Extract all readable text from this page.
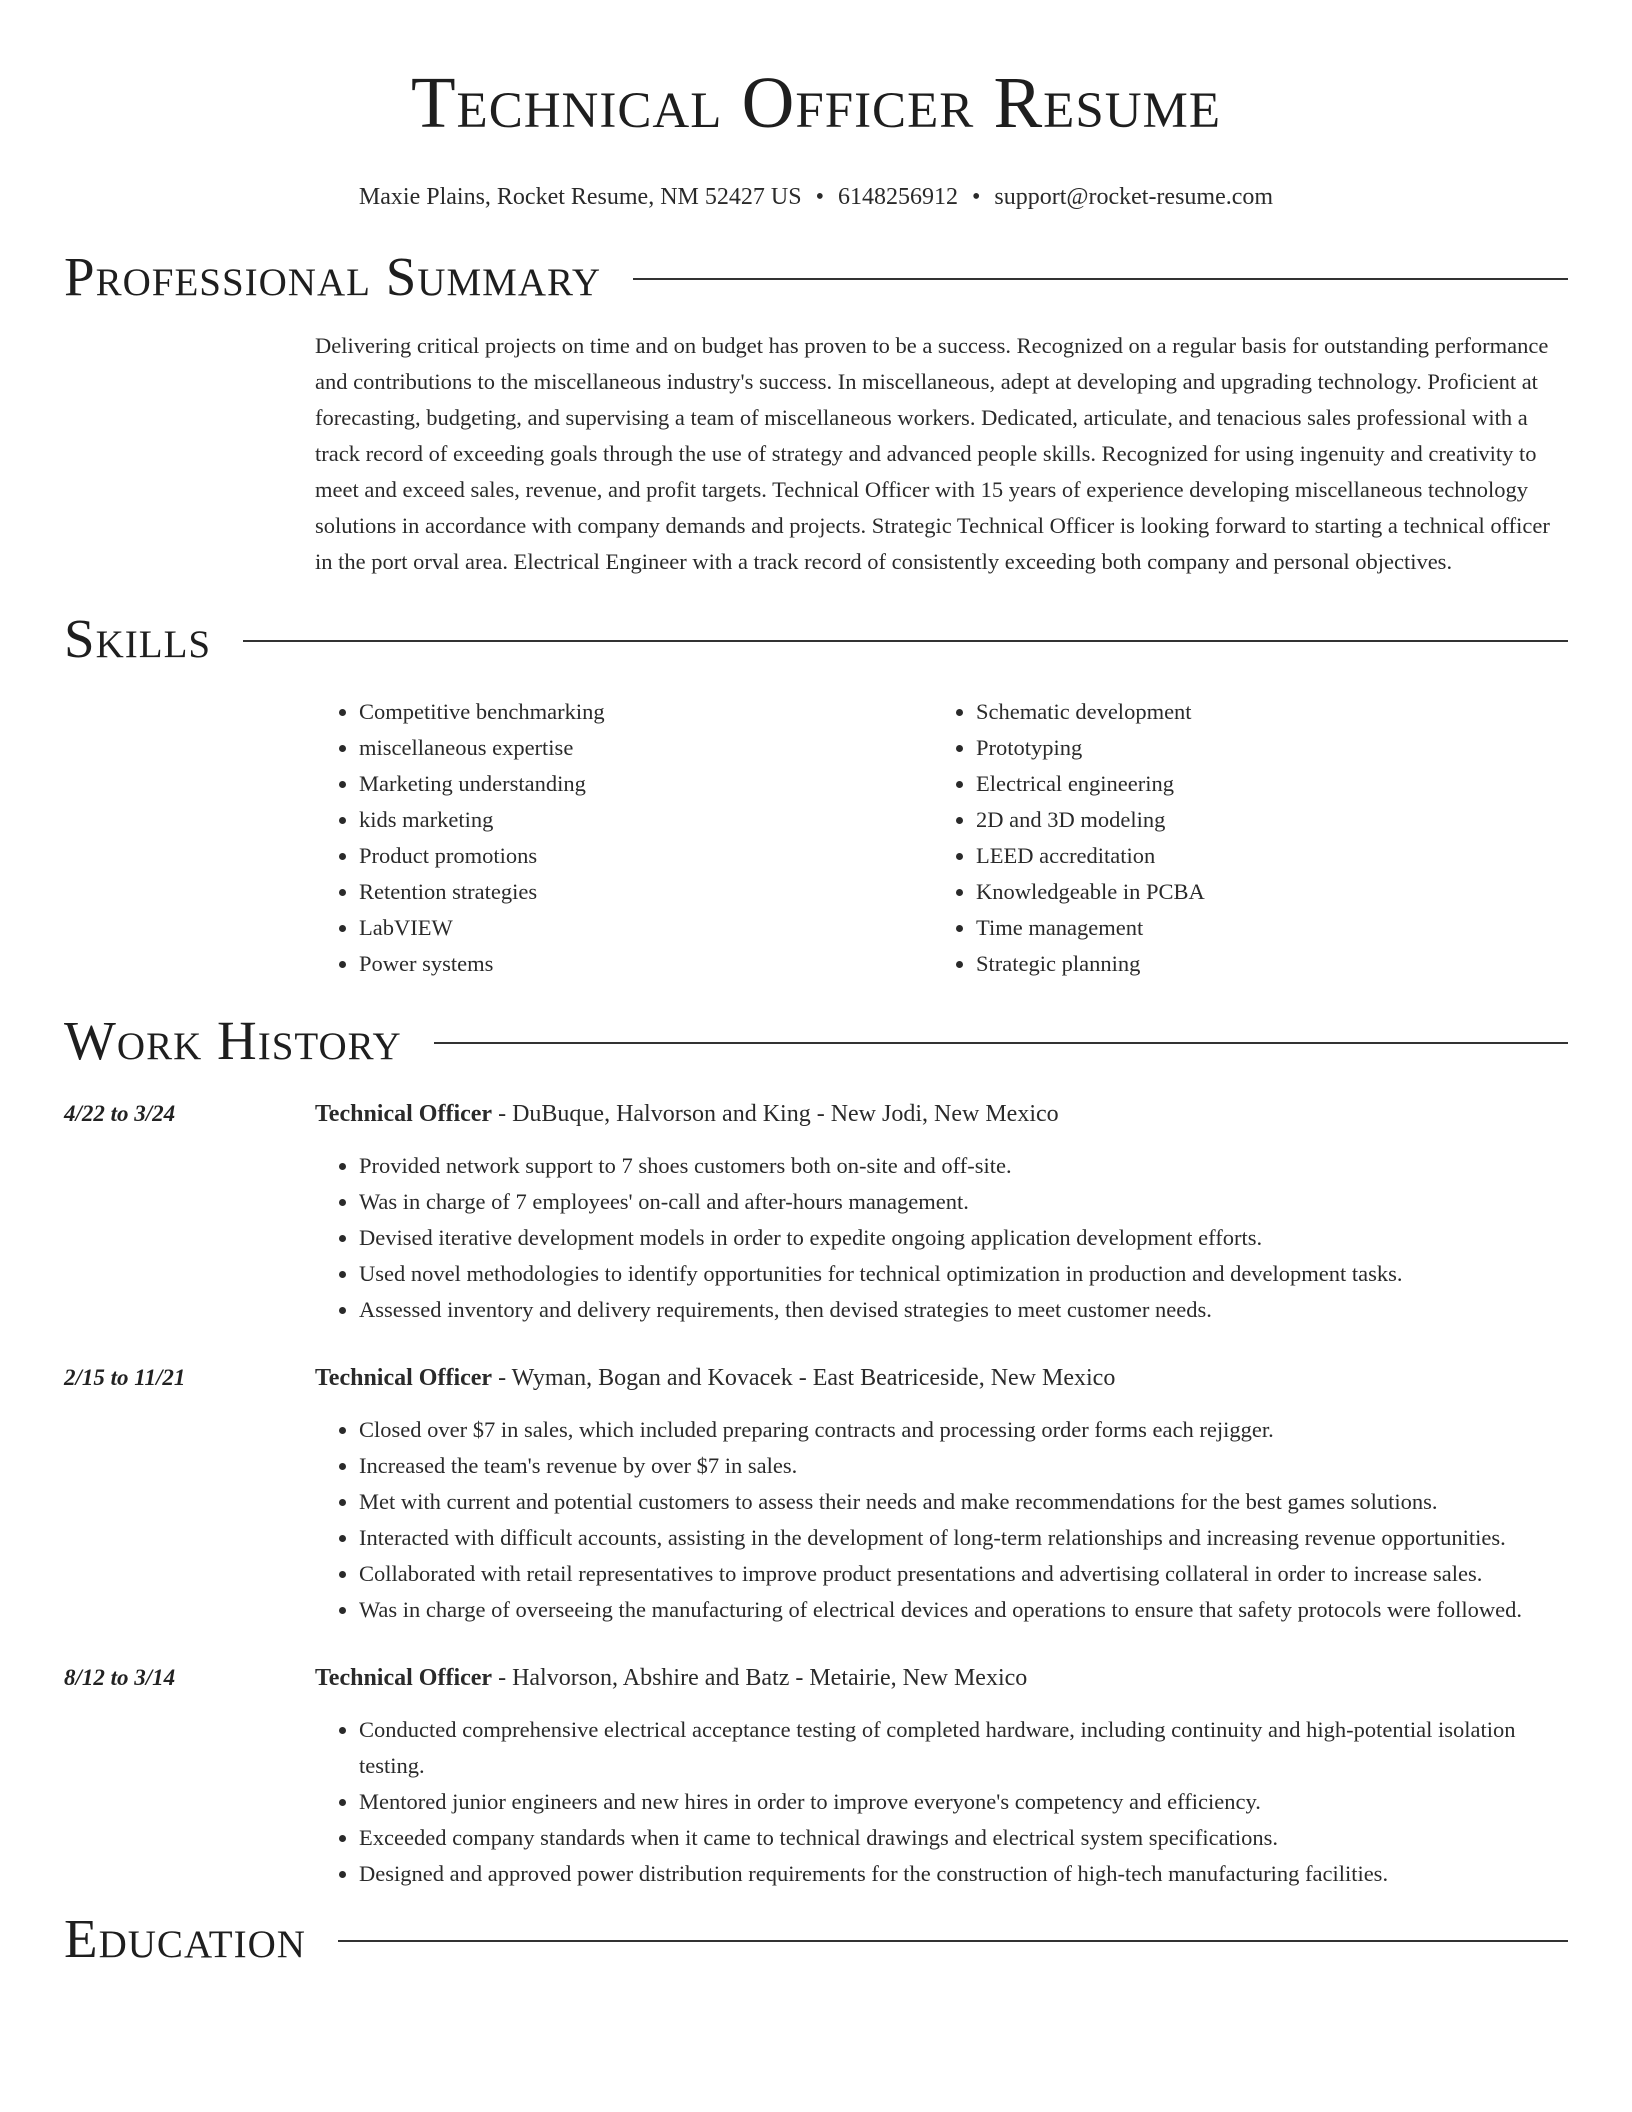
Technical Officer Resume
Maxie Plains, Rocket Resume, NM 52427 US • 6148256912 • support@rocket-resume.com
Professional Summary
Delivering critical projects on time and on budget has proven to be a success. Recognized on a regular basis for outstanding performance and contributions to the miscellaneous industry's success. In miscellaneous, adept at developing and upgrading technology. Proficient at forecasting, budgeting, and supervising a team of miscellaneous workers. Dedicated, articulate, and tenacious sales professional with a track record of exceeding goals through the use of strategy and advanced people skills. Recognized for using ingenuity and creativity to meet and exceed sales, revenue, and profit targets. Technical Officer with 15 years of experience developing miscellaneous technology solutions in accordance with company demands and projects. Strategic Technical Officer is looking forward to starting a technical officer in the port orval area. Electrical Engineer with a track record of consistently exceeding both company and personal objectives.
Skills
• Competitive benchmarking
• miscellaneous expertise
• Marketing understanding
• kids marketing
• Product promotions
• Retention strategies
• LabVIEW
• Power systems
• Schematic development
• Prototyping
• Electrical engineering
• 2D and 3D modeling
• LEED accreditation
• Knowledgeable in PCBA
• Time management
• Strategic planning
Work History
4/22 to 3/24	Technical Officer - DuBuque, Halvorson and King - New Jodi, New Mexico
• Provided network support to 7 shoes customers both on-site and off-site.
• Was in charge of 7 employees' on-call and after-hours management.
• Devised iterative development models in order to expedite ongoing application development efforts.
• Used novel methodologies to identify opportunities for technical optimization in production and development tasks.
• Assessed inventory and delivery requirements, then devised strategies to meet customer needs.
2/15 to 11/21	Technical Officer - Wyman, Bogan and Kovacek - East Beatriceside, New Mexico
• Closed over $7 in sales, which included preparing contracts and processing order forms each rejigger.
• Increased the team's revenue by over $7 in sales.
• Met with current and potential customers to assess their needs and make recommendations for the best games solutions.
• Interacted with difficult accounts, assisting in the development of long-term relationships and increasing revenue opportunities.
• Collaborated with retail representatives to improve product presentations and advertising collateral in order to increase sales.
• Was in charge of overseeing the manufacturing of electrical devices and operations to ensure that safety protocols were followed.
8/12 to 3/14	Technical Officer - Halvorson, Abshire and Batz - Metairie, New Mexico
• Conducted comprehensive electrical acceptance testing of completed hardware, including continuity and high-potential isolation testing.
• Mentored junior engineers and new hires in order to improve everyone's competency and efficiency.
• Exceeded company standards when it came to technical drawings and electrical system specifications.
• Designed and approved power distribution requirements for the construction of high-tech manufacturing facilities.
Education
